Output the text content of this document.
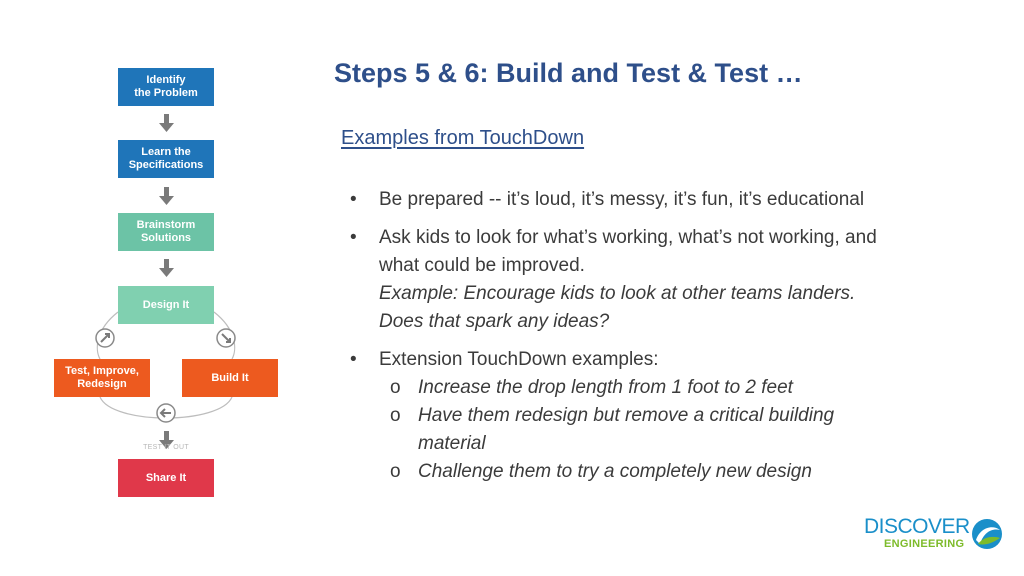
Identify
the Problem
Learn the
Specifications
Brainstorm
Solutions
Design It
Test, Improve,
Redesign
Build It
TEST IT OUT
Share It
Steps 5 & 6: Build and Test & Test …
Examples from TouchDown
• Be prepared -- it’s loud, it’s messy, it’s fun, it’s educational
• Ask kids to look for what’s working, what’s not working, and what could be improved.
Example: Encourage kids to look at other teams landers. Does that spark any ideas?
• Extension TouchDown examples:
o Increase the drop length from 1 foot to 2 feet
o Have them redesign but remove a critical building material
o Challenge them to try a completely new design
DISCOVER
ENGINEERING
